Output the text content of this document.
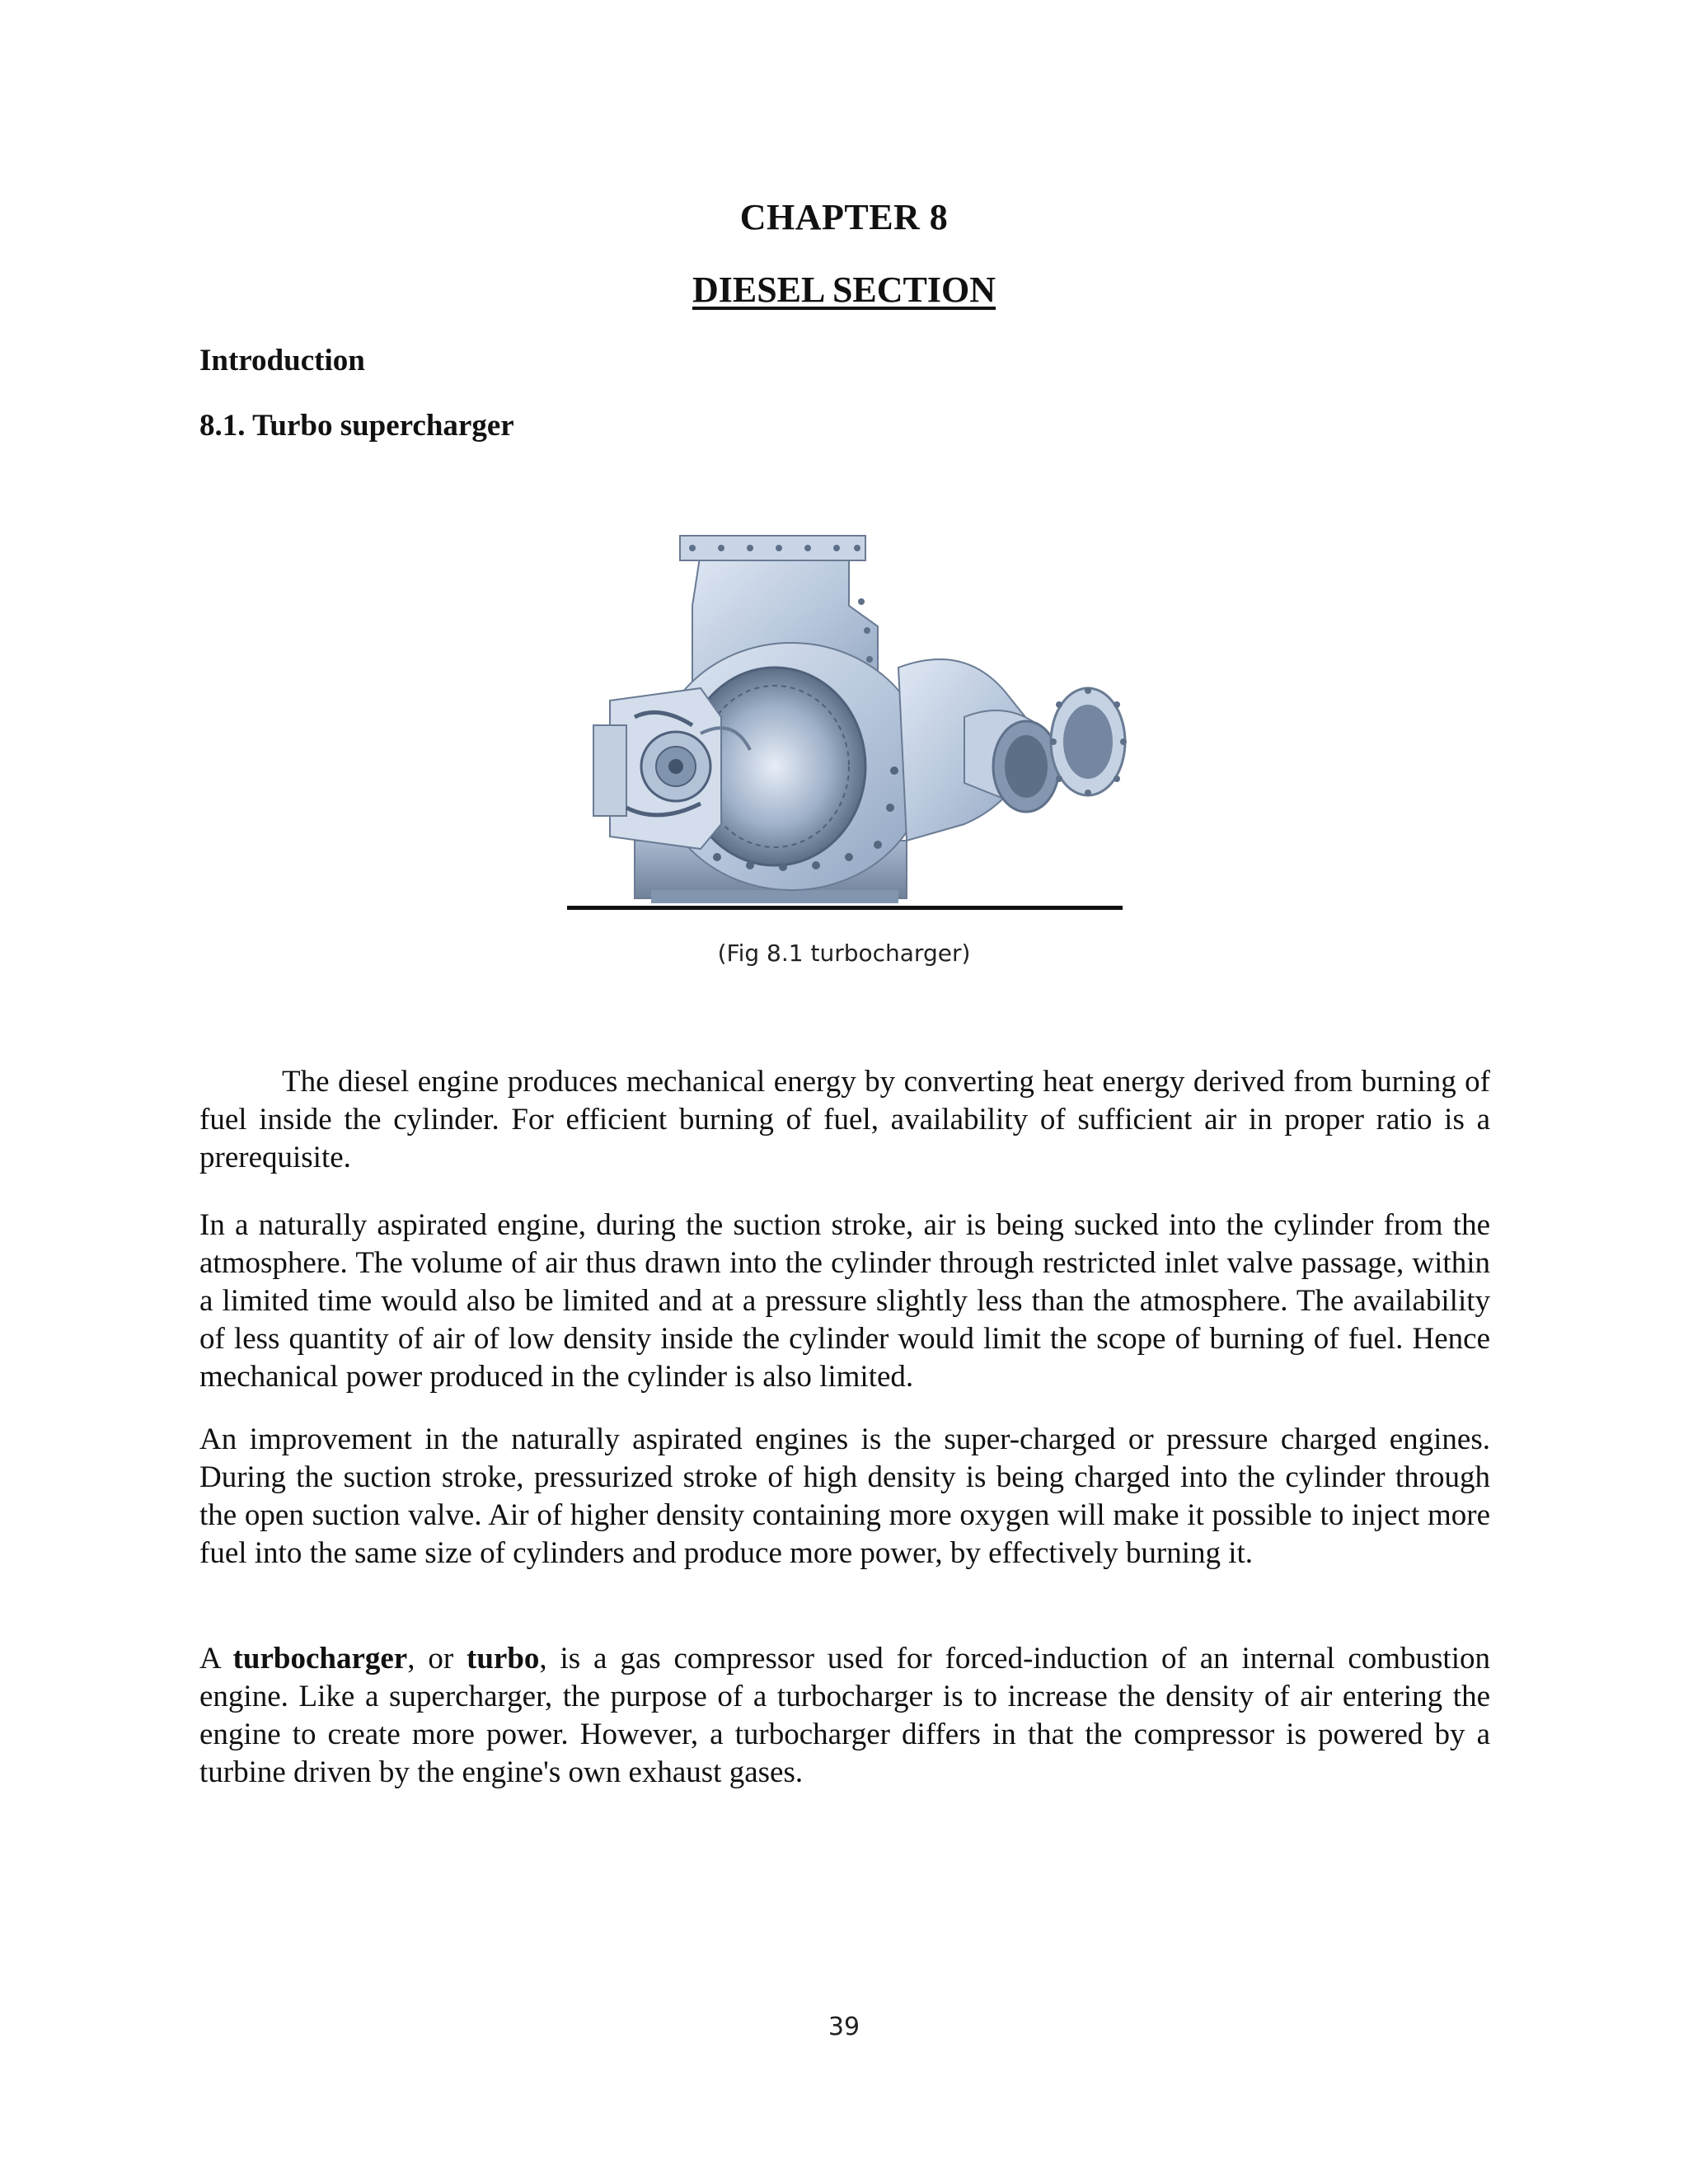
CHAPTER 8
DIESEL SECTION
Introduction
8.1. Turbo supercharger
(Fig 8.1 turbocharger)

The diesel engine produces mechanical energy by converting heat energy derived from burning of fuel inside the cylinder. For efficient burning of fuel, availability of sufficient air in proper ratio is a prerequisite.

In a naturally aspirated engine, during the suction stroke, air is being sucked into the cylinder from the atmosphere. The volume of air thus drawn into the cylinder through restricted inlet valve passage, within a limited time would also be limited and at a pressure slightly less than the atmosphere. The availability of less quantity of air of low density inside the cylinder would limit the scope of burning of fuel. Hence mechanical power produced in the cylinder is also limited.

An improvement in the naturally aspirated engines is the super-charged or pressure charged engines. During the suction stroke, pressurized stroke of high density is being charged into the cylinder through the open suction valve. Air of higher density containing more oxygen will make it possible to inject more fuel into the same size of cylinders and produce more power, by effectively burning it.

A turbocharger, or turbo, is a gas compressor used for forced-induction of an internal combustion engine. Like a supercharger, the purpose of a turbocharger is to increase the density of air entering the engine to create more power. However, a turbocharger differs in that the compressor is powered by a turbine driven by the engine's own exhaust gases.

39
